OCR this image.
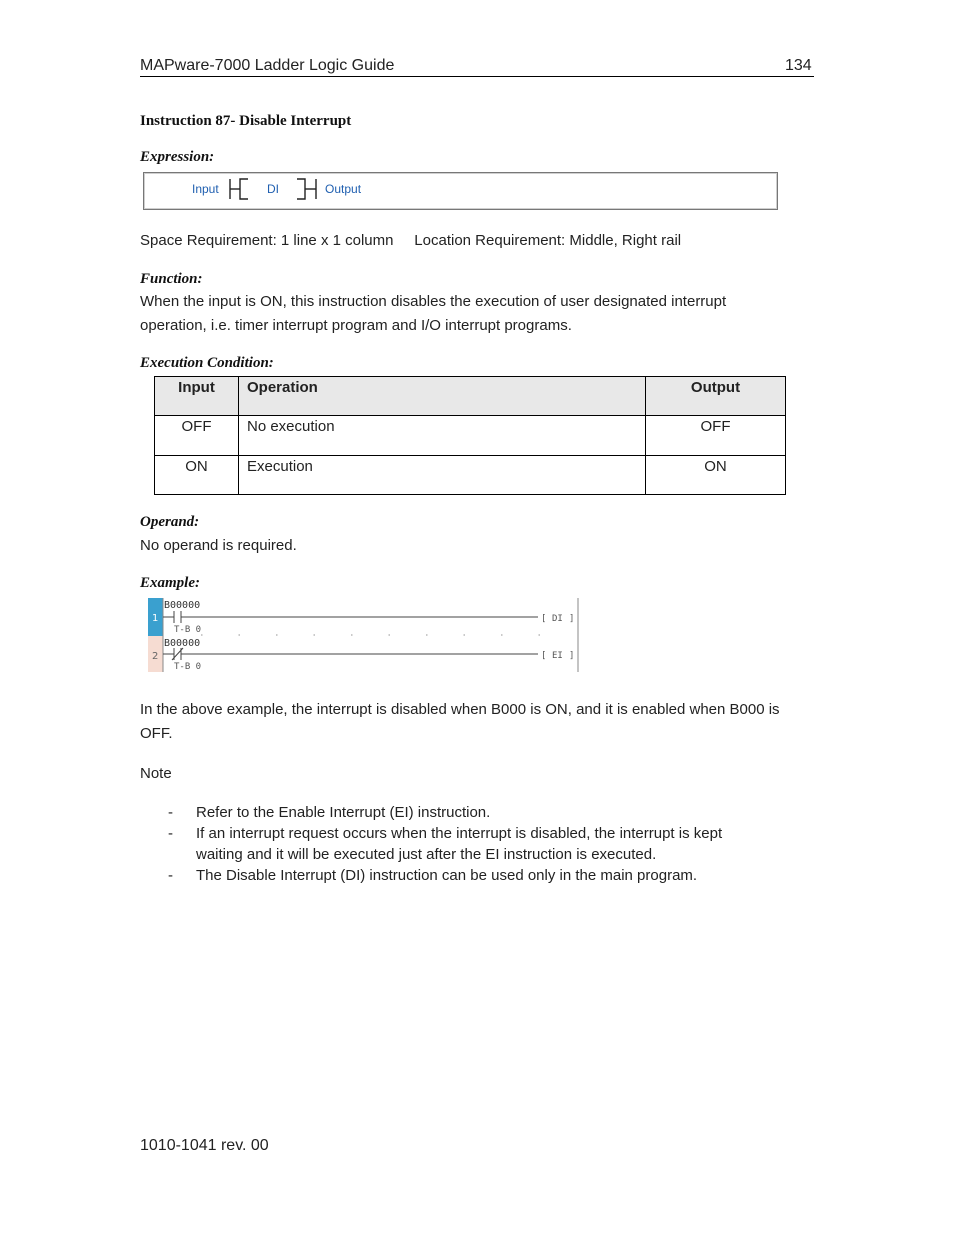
MAPware-7000 Ladder Logic Guide	134
Instruction 87- Disable Interrupt
Expression:
Input	DI	Output
Space Requirement: 1 line x 1 column     Location Requirement: Middle, Right rail
Function:
When the input is ON, this instruction disables the execution of user designated interrupt
operation, i.e. timer interrupt program and I/O interrupt programs.
Execution Condition:
Input	Operation	Output
OFF	No execution	OFF
ON	Execution	ON
Operand:
No operand is required.
Example:
1
2
B00000
T-B 0
[ DI ]
B00000
T-B 0
[ EI ]
In the above example, the interrupt is disabled when B000 is ON, and it is enabled when B000 is
OFF.
Note
- Refer to the Enable Interrupt (EI) instruction.
- If an interrupt request occurs when the interrupt is disabled, the interrupt is kept
waiting and it will be executed just after the EI instruction is executed.
- The Disable Interrupt (DI) instruction can be used only in the main program.
1010-1041 rev. 00
